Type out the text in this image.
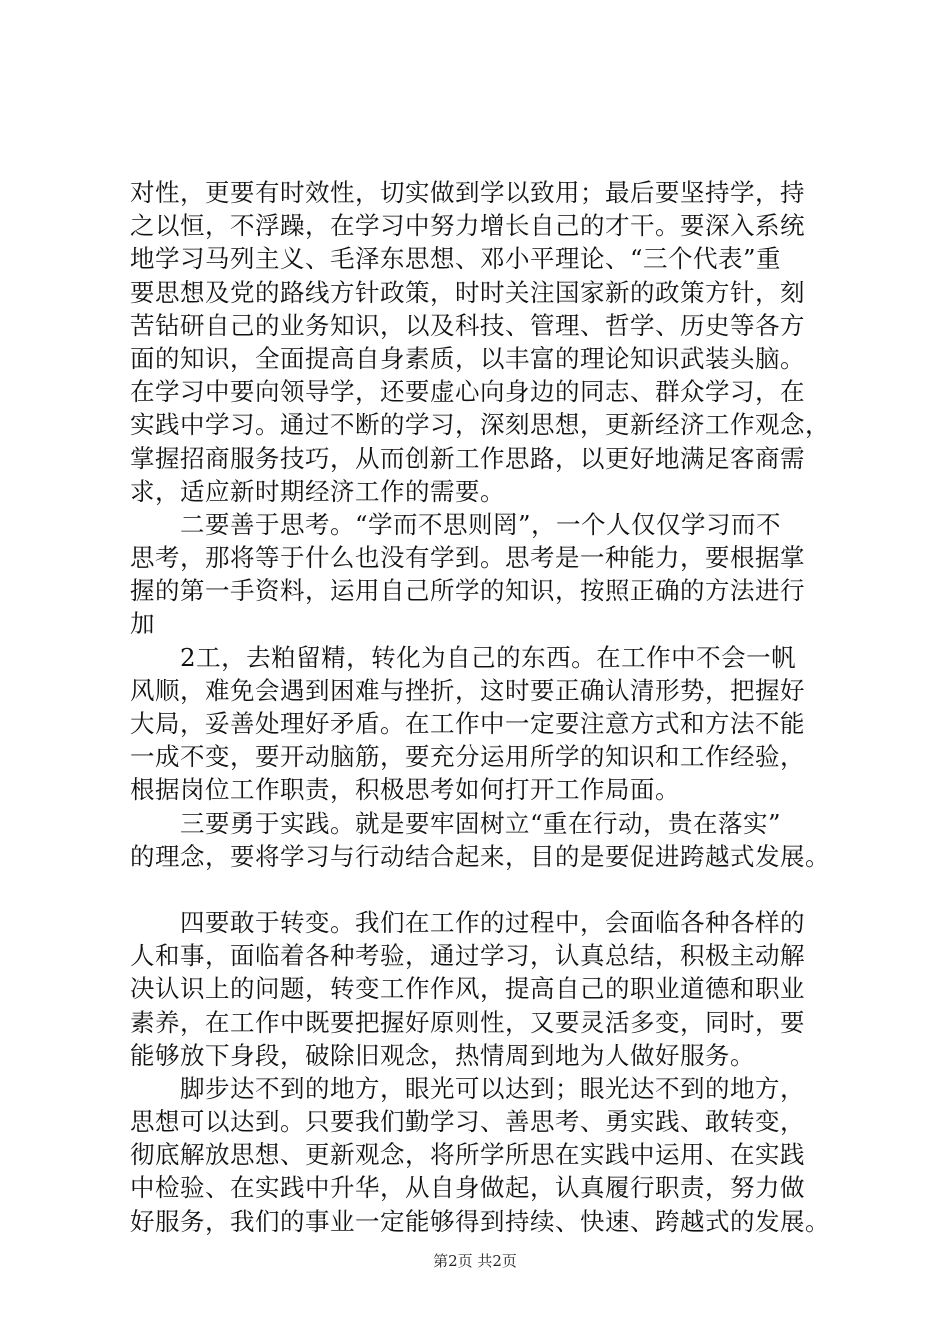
对性，更要有时效性，切实做到学以致用；最后要坚持学，持
之以恒，不浮躁，在学习中努力增长自己的才干。要深入系统
地学习马列主义、毛泽东思想、邓小平理论、“三个代表”重
要思想及党的路线方针政策，时时关注国家新的政策方针，刻
苦钻研自己的业务知识，以及科技、管理、哲学、历史等各方
面的知识，全面提高自身素质，以丰富的理论知识武装头脑。
在学习中要向领导学，还要虚心向身边的同志、群众学习，在
实践中学习。通过不断的学习，深刻思想，更新经济工作观念，
掌握招商服务技巧，从而创新工作思路，以更好地满足客商需
求，适应新时期经济工作的需要。
　　二要善于思考。“学而不思则罔”，一个人仅仅学习而不
思考，那将等于什么也没有学到。思考是一种能力，要根据掌
握的第一手资料，运用自己所学的知识，按照正确的方法进行
加
　　2工，去粕留精，转化为自己的东西。在工作中不会一帆
风顺，难免会遇到困难与挫折，这时要正确认清形势，把握好
大局，妥善处理好矛盾。在工作中一定要注意方式和方法不能
一成不变，要开动脑筋，要充分运用所学的知识和工作经验，
根据岗位工作职责，积极思考如何打开工作局面。
　　三要勇于实践。就是要牢固树立“重在行动，贵在落实”
的理念，要将学习与行动结合起来，目的是要促进跨越式发展。
　　四要敢于转变。我们在工作的过程中，会面临各种各样的
人和事，面临着各种考验，通过学习，认真总结，积极主动解
决认识上的问题，转变工作作风，提高自己的职业道德和职业
素养，在工作中既要把握好原则性，又要灵活多变，同时，要
能够放下身段，破除旧观念，热情周到地为人做好服务。
　　脚步达不到的地方，眼光可以达到；眼光达不到的地方，
思想可以达到。只要我们勤学习、善思考、勇实践、敢转变，
彻底解放思想、更新观念，将所学所思在实践中运用、在实践
中检验、在实践中升华，从自身做起，认真履行职责，努力做
好服务，我们的事业一定能够得到持续、快速、跨越式的发展。
第2页 共2页
